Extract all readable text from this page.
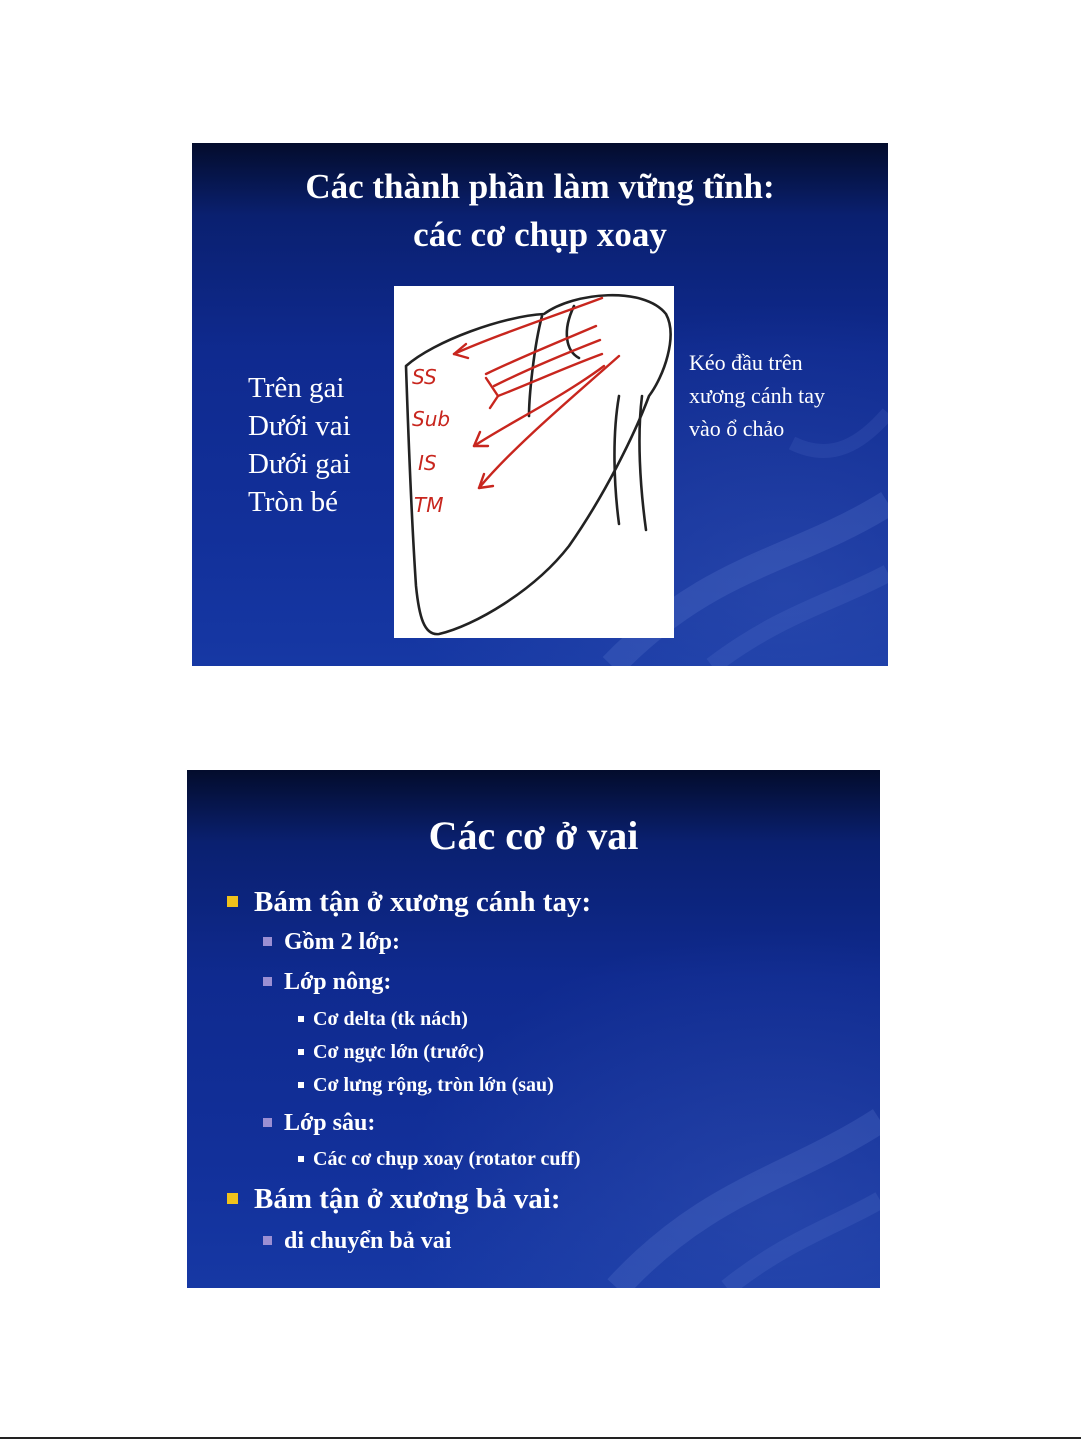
Các thành phần làm vững tĩnh:
các cơ chụp xoay
Trên gai
Dưới vai
Dưới gai
Tròn bé
SS
Sub
IS
TM
Kéo đầu trên
xương cánh tay
vào ổ chảo
Các cơ ở vai

Bám tận ở xương cánh tay:

Gồm 2 lớp:

Lớp nông:

Cơ delta (tk nách)

Cơ ngực lớn (trước)

Cơ lưng rộng, tròn lớn (sau)

Lớp sâu:

Các cơ chụp xoay (rotator cuff)

Bám tận ở xương bả vai:

di chuyển bả vai
